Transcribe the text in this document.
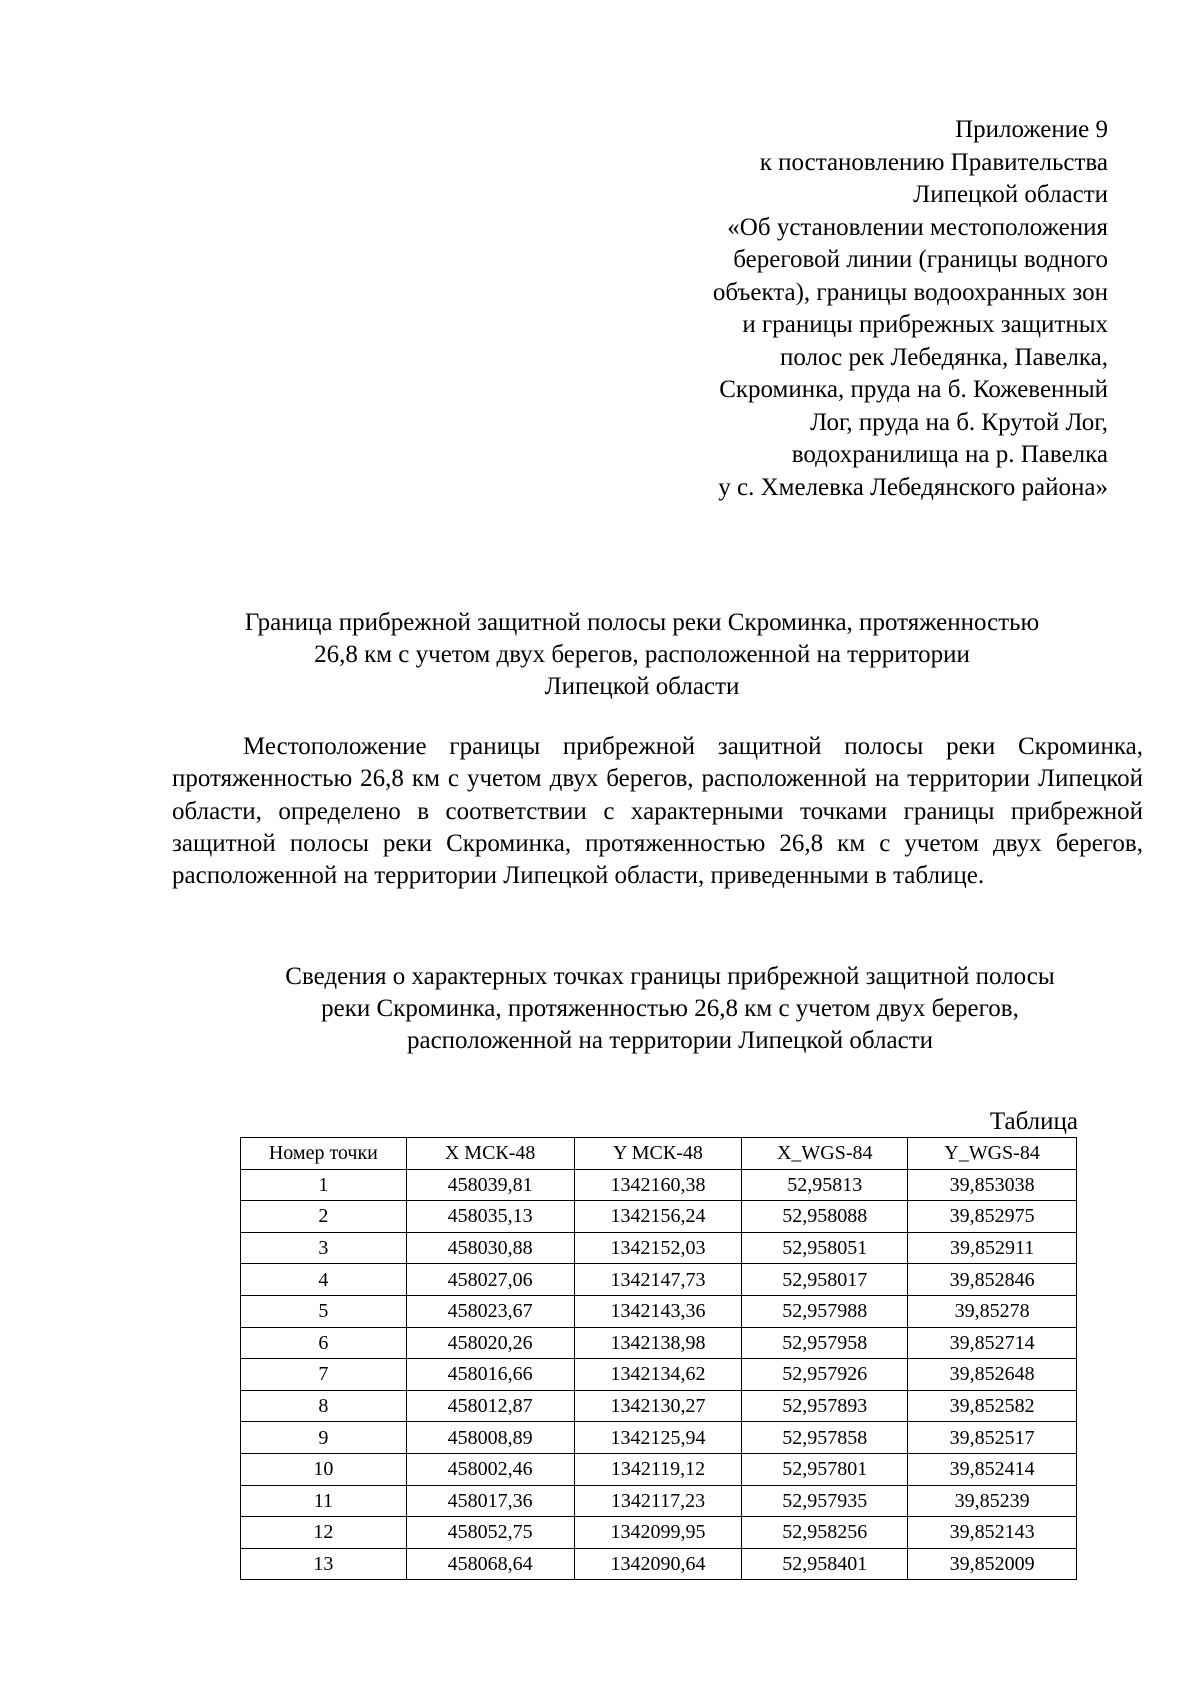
Приложение 9
к постановлению Правительства
Липецкой области
«Об установлении местоположения
береговой линии (границы водного
объекта), границы водоохранных зон
и границы прибрежных защитных
полос рек Лебедянка, Павелка,
Скроминка, пруда на б. Кожевенный
Лог, пруда на б. Крутой Лог,
водохранилища на р. Павелка
у с. Хмелевка Лебедянского района»
Граница прибрежной защитной полосы реки Скроминка, протяженностью
26,8 км с учетом двух берегов, расположенной на территории
Липецкой области

Местоположение границы прибрежной защитной полосы реки Скроминка, протяженностью 26,8 км с учетом двух берегов, расположенной на территории Липецкой области, определено в соответствии с характерными точками границы прибрежной защитной полосы реки Скроминка, протяженностью 26,8 км с учетом двух берегов, расположенной на территории Липецкой области, приведенными в таблице.

Сведения о характерных точках границы прибрежной защитной полосы
реки Скроминка, протяженностью 26,8 км с учетом двух берегов,
расположенной на территории Липецкой области
Таблица
Номер точки	X МСК-48	Y МСК-48	X_WGS-84	Y_WGS-84
1	458039,81	1342160,38	52,95813	39,853038
2	458035,13	1342156,24	52,958088	39,852975
3	458030,88	1342152,03	52,958051	39,852911
4	458027,06	1342147,73	52,958017	39,852846
5	458023,67	1342143,36	52,957988	39,85278
6	458020,26	1342138,98	52,957958	39,852714
7	458016,66	1342134,62	52,957926	39,852648
8	458012,87	1342130,27	52,957893	39,852582
9	458008,89	1342125,94	52,957858	39,852517
10	458002,46	1342119,12	52,957801	39,852414
11	458017,36	1342117,23	52,957935	39,85239
12	458052,75	1342099,95	52,958256	39,852143
13	458068,64	1342090,64	52,958401	39,852009
